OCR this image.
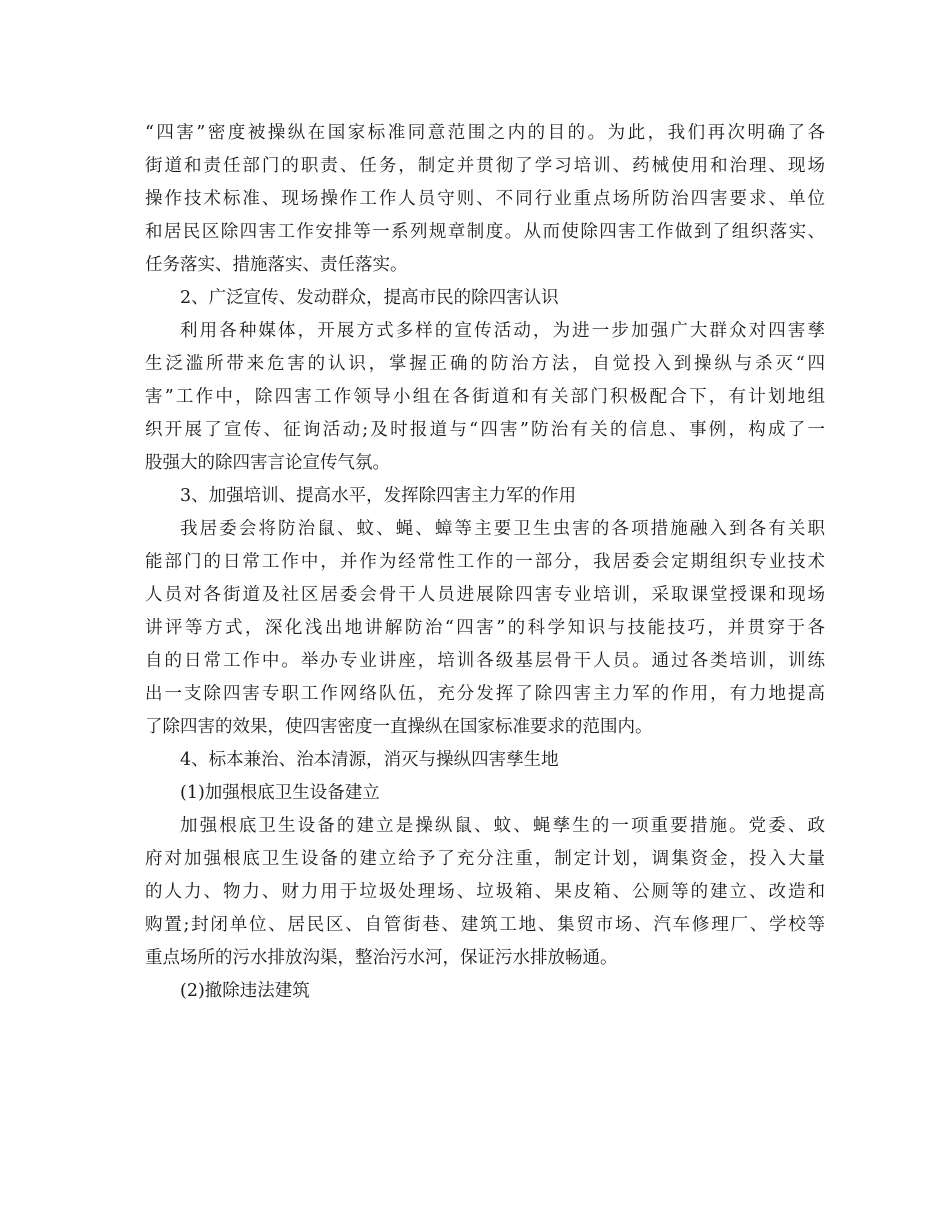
“四害”密度被操纵在国家标准同意范围之内的目的。为此，我们再次明确了各
街道和责任部门的职责、任务，制定并贯彻了学习培训、药械使用和治理、现场
操作技术标准、现场操作工作人员守则、不同行业重点场所防治四害要求、单位
和居民区除四害工作安排等一系列规章制度。从而使除四害工作做到了组织落实、
任务落实、措施落实、责任落实。
2、广泛宣传、发动群众，提高市民的除四害认识
利用各种媒体，开展方式多样的宣传活动，为进一步加强广大群众对四害孳
生泛滥所带来危害的认识，掌握正确的防治方法，自觉投入到操纵与杀灭“四
害”工作中，除四害工作领导小组在各街道和有关部门积极配合下，有计划地组
织开展了宣传、征询活动;及时报道与“四害”防治有关的信息、事例，构成了一
股强大的除四害言论宣传气氛。
3、加强培训、提高水平，发挥除四害主力军的作用
我居委会将防治鼠、蚊、蝇、蟑等主要卫生虫害的各项措施融入到各有关职
能部门的日常工作中，并作为经常性工作的一部分，我居委会定期组织专业技术
人员对各街道及社区居委会骨干人员进展除四害专业培训，采取课堂授课和现场
讲评等方式，深化浅出地讲解防治“四害”的科学知识与技能技巧，并贯穿于各
自的日常工作中。举办专业讲座，培训各级基层骨干人员。通过各类培训，训练
出一支除四害专职工作网络队伍，充分发挥了除四害主力军的作用，有力地提高
了除四害的效果，使四害密度一直操纵在国家标准要求的范围内。
4、标本兼治、治本清源，消灭与操纵四害孳生地
(1)加强根底卫生设备建立
加强根底卫生设备的建立是操纵鼠、蚊、蝇孳生的一项重要措施。党委、政
府对加强根底卫生设备的建立给予了充分注重，制定计划，调集资金，投入大量
的人力、物力、财力用于垃圾处理场、垃圾箱、果皮箱、公厕等的建立、改造和
购置;封闭单位、居民区、自管街巷、建筑工地、集贸市场、汽车修理厂、学校等
重点场所的污水排放沟渠，整治污水河，保证污水排放畅通。
(2)撤除违法建筑
